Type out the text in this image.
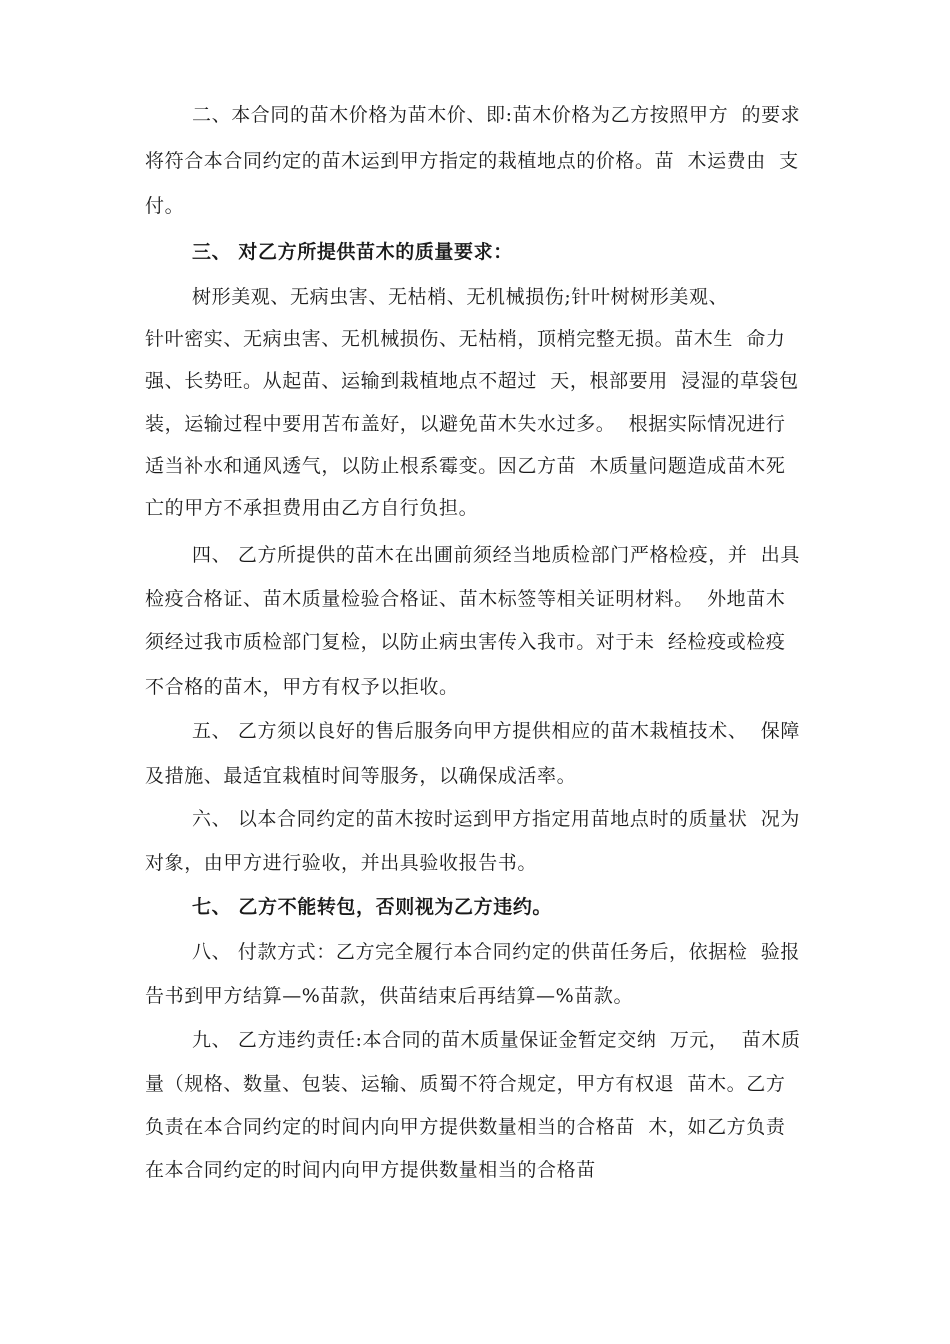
二、本合同的苗木价格为苗木价、即:苗木价格为乙方按照甲方  的要求
将符合本合同约定的苗木运到甲方指定的栽植地点的价格。苗  木运费由  支
付。
三、 对乙方所提供苗木的质量要求：
树形美观、无病虫害、无枯梢、无机械损伤;针叶树树形美观、
针叶密实、无病虫害、无机械损伤、无枯梢，顶梢完整无损。苗木生  命力
强、长势旺。从起苗、运输到栽植地点不超过  天，根部要用  浸湿的草袋包
装，运输过程中要用苫布盖好，以避免苗木失水过多。  根据实际情况进行
适当补水和通风透气，以防止根系霉变。因乙方苗  木质量问题造成苗木死
亡的甲方不承担费用由乙方自行负担。
四、 乙方所提供的苗木在出圃前须经当地质检部门严格检疫，并  出具
检疫合格证、苗木质量检验合格证、苗木标签等相关证明材料。  外地苗木
须经过我市质检部门复检，以防止病虫害传入我市。对于未  经检疫或检疫
不合格的苗木，甲方有权予以拒收。
五、 乙方须以良好的售后服务向甲方提供相应的苗木栽植技术、  保障
及措施、最适宜栽植时间等服务，以确保成活率。
六、 以本合同约定的苗木按时运到甲方指定用苗地点时的质量状  况为
对象，由甲方进行验收，并出具验收报告书。
七、 乙方不能转包，否则视为乙方违约。
八、 付款方式：乙方完全履行本合同约定的供苗任务后，依据检  验报
告书到甲方结算—%苗款，供苗结束后再结算—%苗款。
九、 乙方违约责任:本合同的苗木质量保证金暂定交纳  万元，  苗木质
量（规格、数量、包装、运输、质蜀不符合规定，甲方有权退  苗木。乙方
负责在本合同约定的时间内向甲方提供数量相当的合格苗  木，如乙方负责
在本合同约定的时间内向甲方提供数量相当的合格苗
